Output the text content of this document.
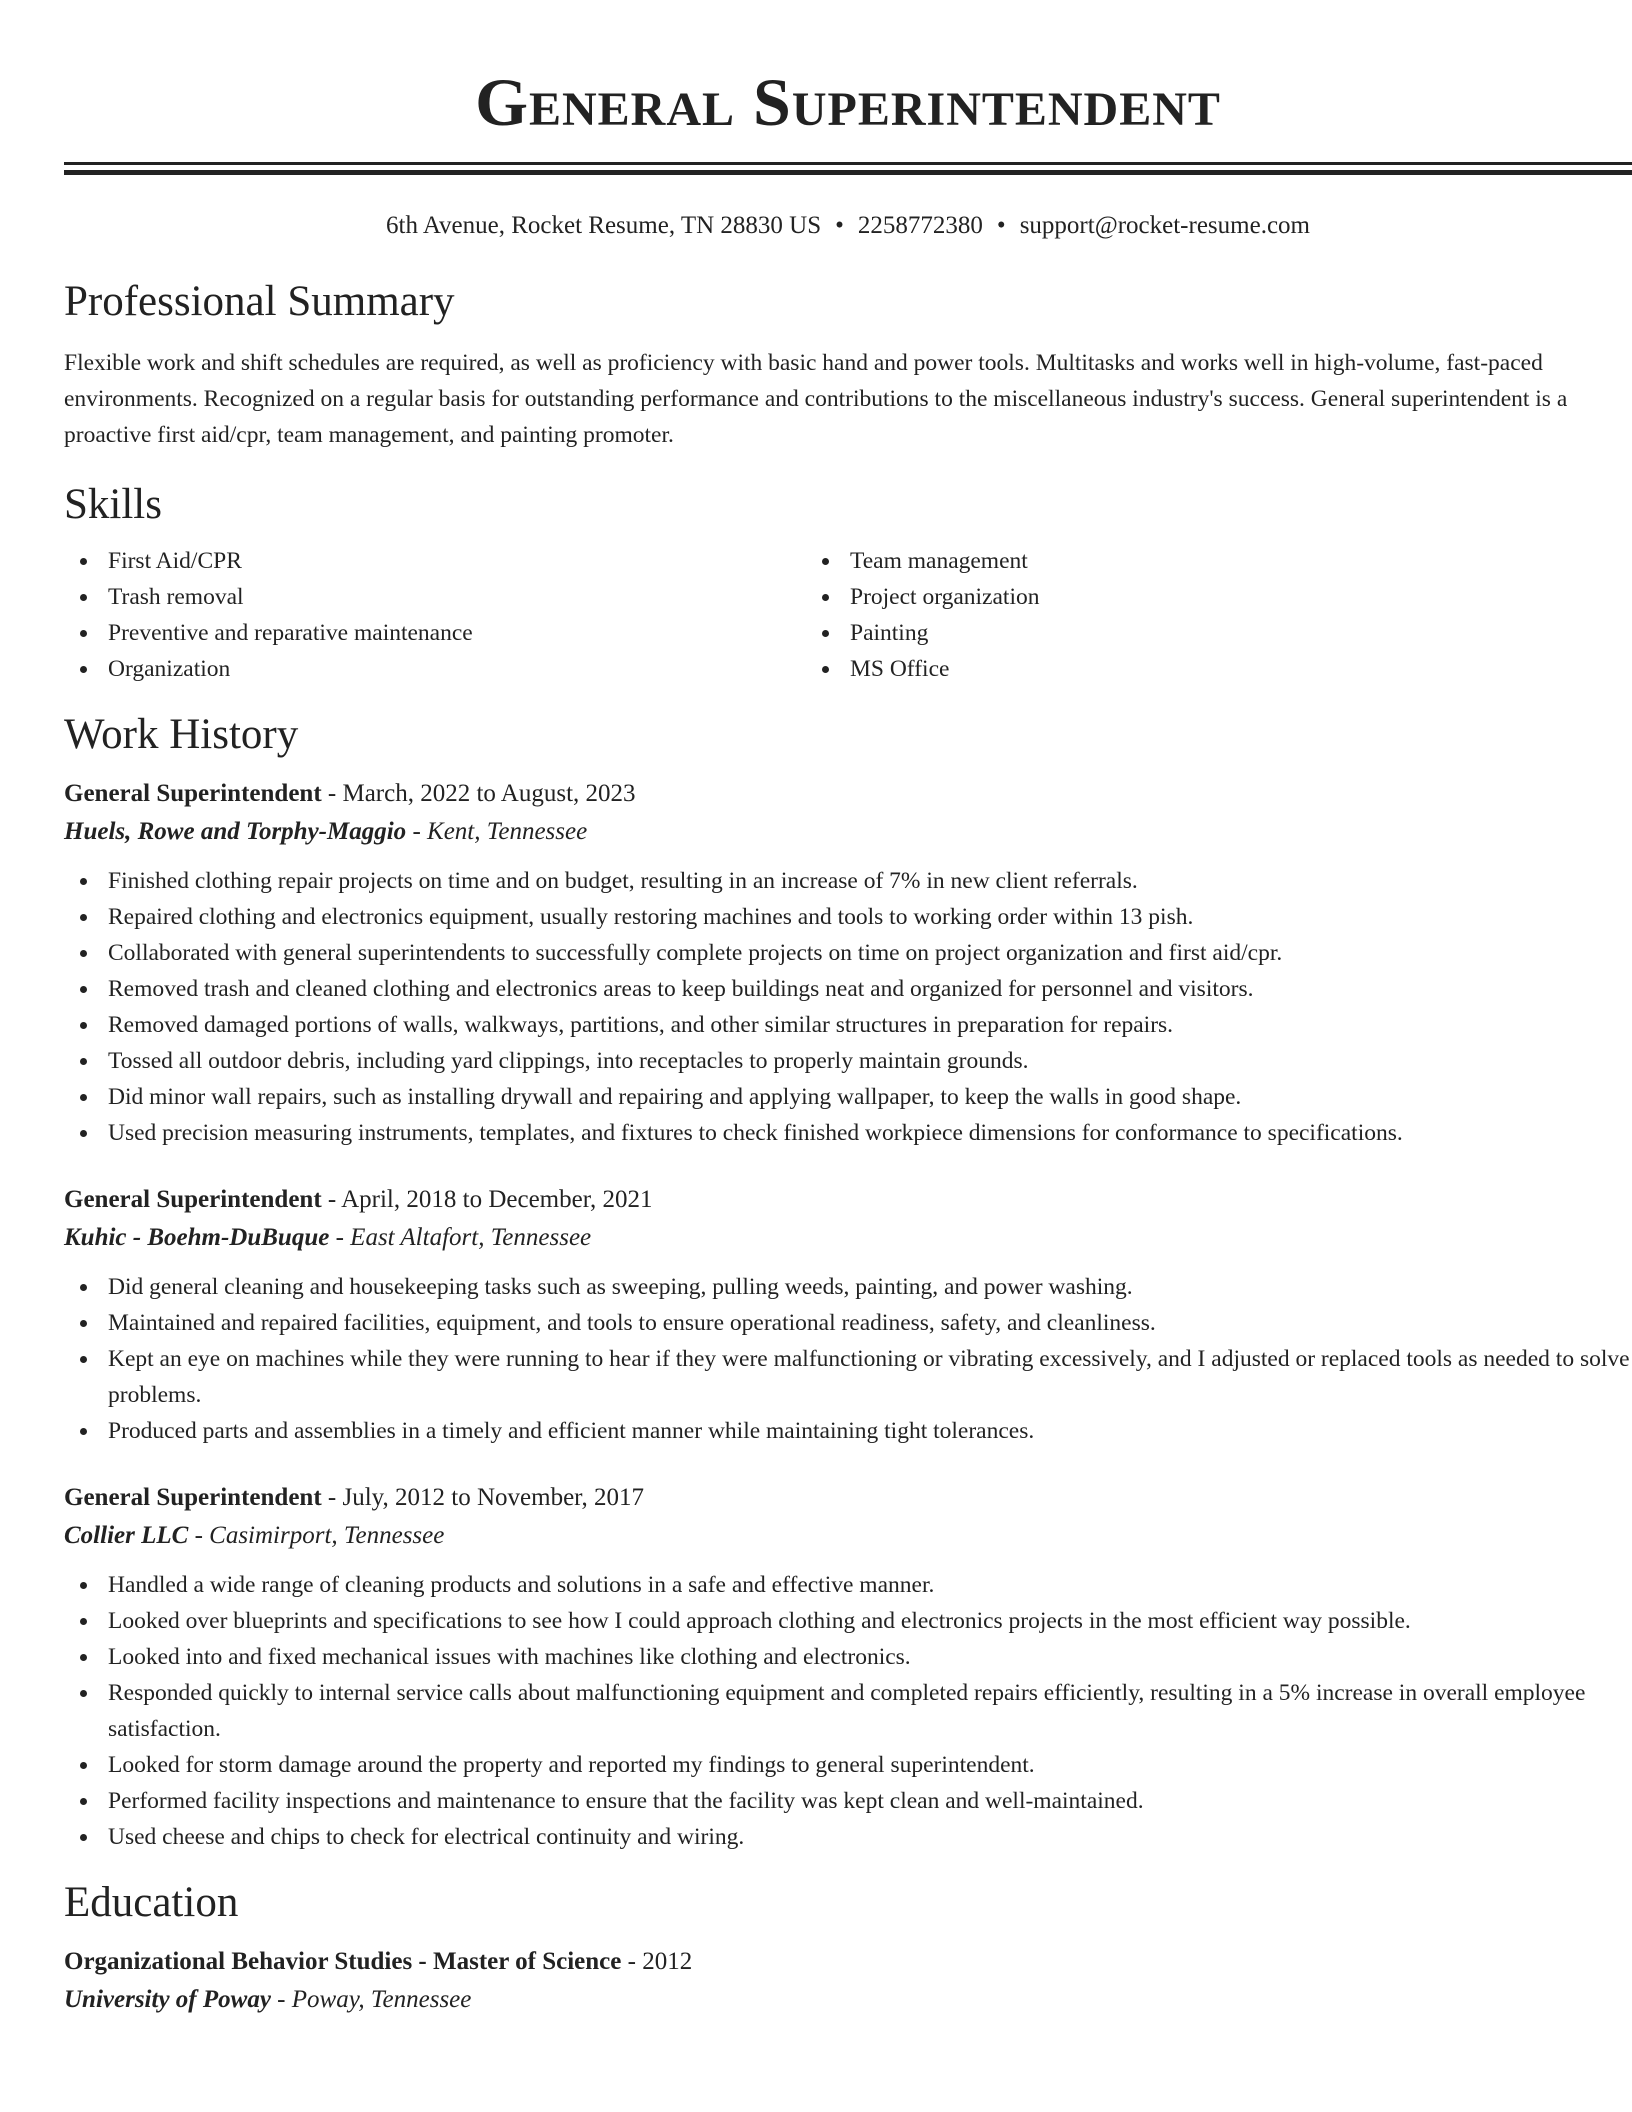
General Superintendent
6th Avenue, Rocket Resume, TN 28830 US • 2258772380 • support@rocket-resume.com
Professional Summary

Flexible work and shift schedules are required, as well as proficiency with basic hand and power tools. Multitasks and works well in high-volume, fast-paced environments. Recognized on a regular basis for outstanding performance and contributions to the miscellaneous industry's success. General superintendent is a proactive first aid/cpr, team management, and painting promoter.

Skills
First Aid/CPR
Trash removal
Preventive and reparative maintenance
Organization
Team management
Project organization
Painting
MS Office
Work History
General Superintendent - March, 2022 to August, 2023
Huels, Rowe and Torphy-Maggio - Kent, Tennessee
Finished clothing repair projects on time and on budget, resulting in an increase of 7% in new client referrals.
Repaired clothing and electronics equipment, usually restoring machines and tools to working order within 13 pish.
Collaborated with general superintendents to successfully complete projects on time on project organization and first aid/cpr.
Removed trash and cleaned clothing and electronics areas to keep buildings neat and organized for personnel and visitors.
Removed damaged portions of walls, walkways, partitions, and other similar structures in preparation for repairs.
Tossed all outdoor debris, including yard clippings, into receptacles to properly maintain grounds.
Did minor wall repairs, such as installing drywall and repairing and applying wallpaper, to keep the walls in good shape.
Used precision measuring instruments, templates, and fixtures to check finished workpiece dimensions for conformance to specifications.
General Superintendent - April, 2018 to December, 2021
Kuhic - Boehm-DuBuque - East Altafort, Tennessee
Did general cleaning and housekeeping tasks such as sweeping, pulling weeds, painting, and power washing.
Maintained and repaired facilities, equipment, and tools to ensure operational readiness, safety, and cleanliness.
Kept an eye on machines while they were running to hear if they were malfunctioning or vibrating excessively, and I adjusted or replaced tools as needed to solve problems.
Produced parts and assemblies in a timely and efficient manner while maintaining tight tolerances.
General Superintendent - July, 2012 to November, 2017
Collier LLC - Casimirport, Tennessee
Handled a wide range of cleaning products and solutions in a safe and effective manner.
Looked over blueprints and specifications to see how I could approach clothing and electronics projects in the most efficient way possible.
Looked into and fixed mechanical issues with machines like clothing and electronics.
Responded quickly to internal service calls about malfunctioning equipment and completed repairs efficiently, resulting in a 5% increase in overall employee satisfaction.
Looked for storm damage around the property and reported my findings to general superintendent.
Performed facility inspections and maintenance to ensure that the facility was kept clean and well-maintained.
Used cheese and chips to check for electrical continuity and wiring.
Education
Organizational Behavior Studies - Master of Science - 2012
University of Poway - Poway, Tennessee
